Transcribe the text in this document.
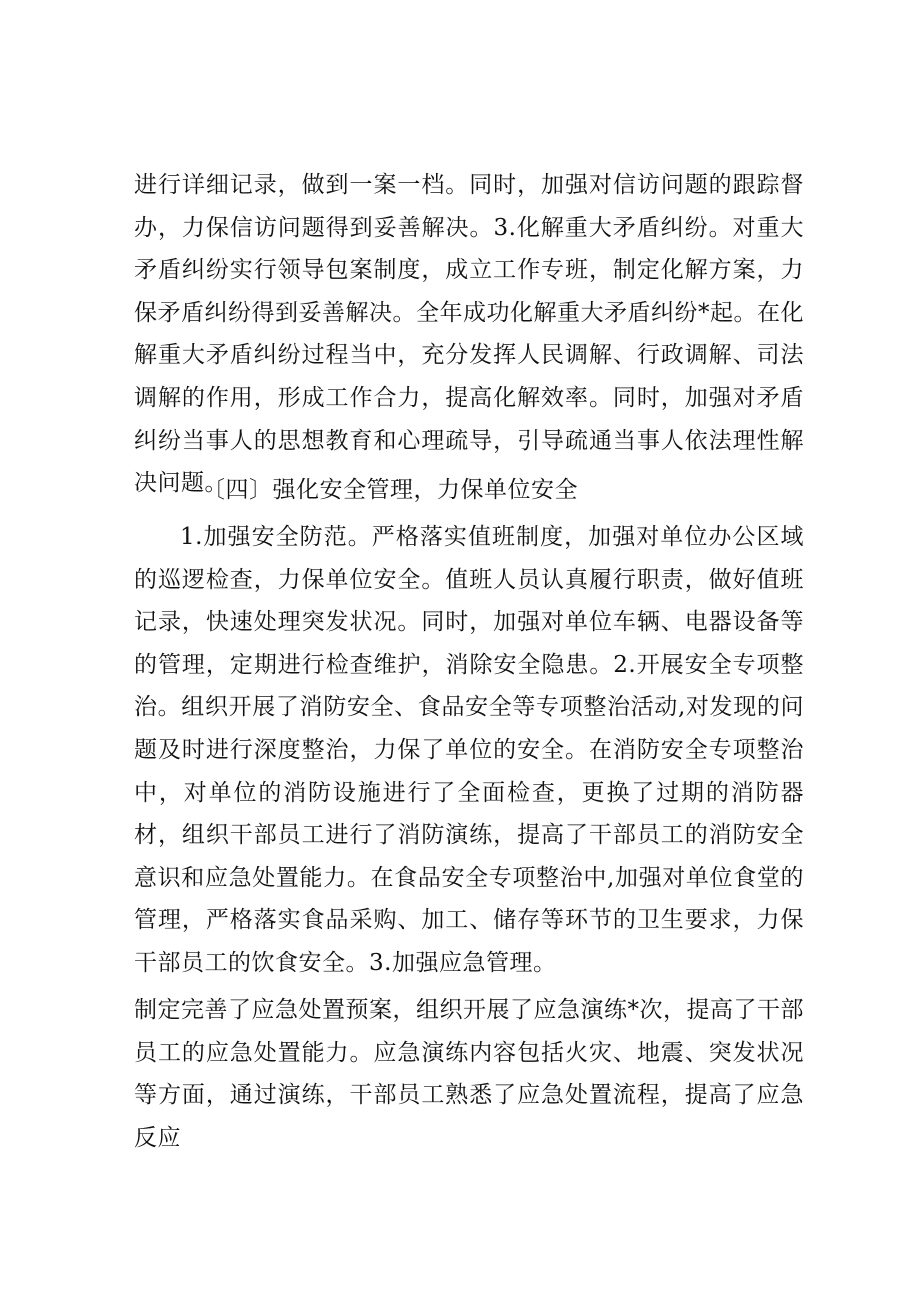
进行详细记录，做到一案一档。同时，加强对信访问题的跟踪督办，力保信访问题得到妥善解决。3.化解重大矛盾纠纷。对重大矛盾纠纷实行领导包案制度，成立工作专班，制定化解方案，力保矛盾纠纷得到妥善解决。全年成功化解重大矛盾纠纷*起。在化解重大矛盾纠纷过程当中，充分发挥人民调解、行政调解、司法调解的作用，形成工作合力，提高化解效率。同时，加强对矛盾纠纷当事人的思想教育和心理疏导，引导疏通当事人依法理性解决问题。

〔四〕强化安全管理，力保单位安全

1.加强安全防范。严格落实值班制度，加强对单位办公区域的巡逻检查，力保单位安全。值班人员认真履行职责，做好值班记录，快速处理突发状况。同时，加强对单位车辆、电器设备等的管理，定期进行检查维护，消除安全隐患。2.开展安全专项整治。组织开展了消防安全、食品安全等专项整治活动,对发现的问题及时进行深度整治，力保了单位的安全。在消防安全专项整治中，对单位的消防设施进行了全面检查，更换了过期的消防器材，组织干部员工进行了消防演练，提高了干部员工的消防安全意识和应急处置能力。在食品安全专项整治中,加强对单位食堂的管理，严格落实食品采购、加工、储存等环节的卫生要求，力保干部员工的饮食安全。3.加强应急管理。

制定完善了应急处置预案，组织开展了应急演练*次，提高了干部员工的应急处置能力。应急演练内容包括火灾、地震、突发状况等方面，通过演练，干部员工熟悉了应急处置流程，提高了应急反应
